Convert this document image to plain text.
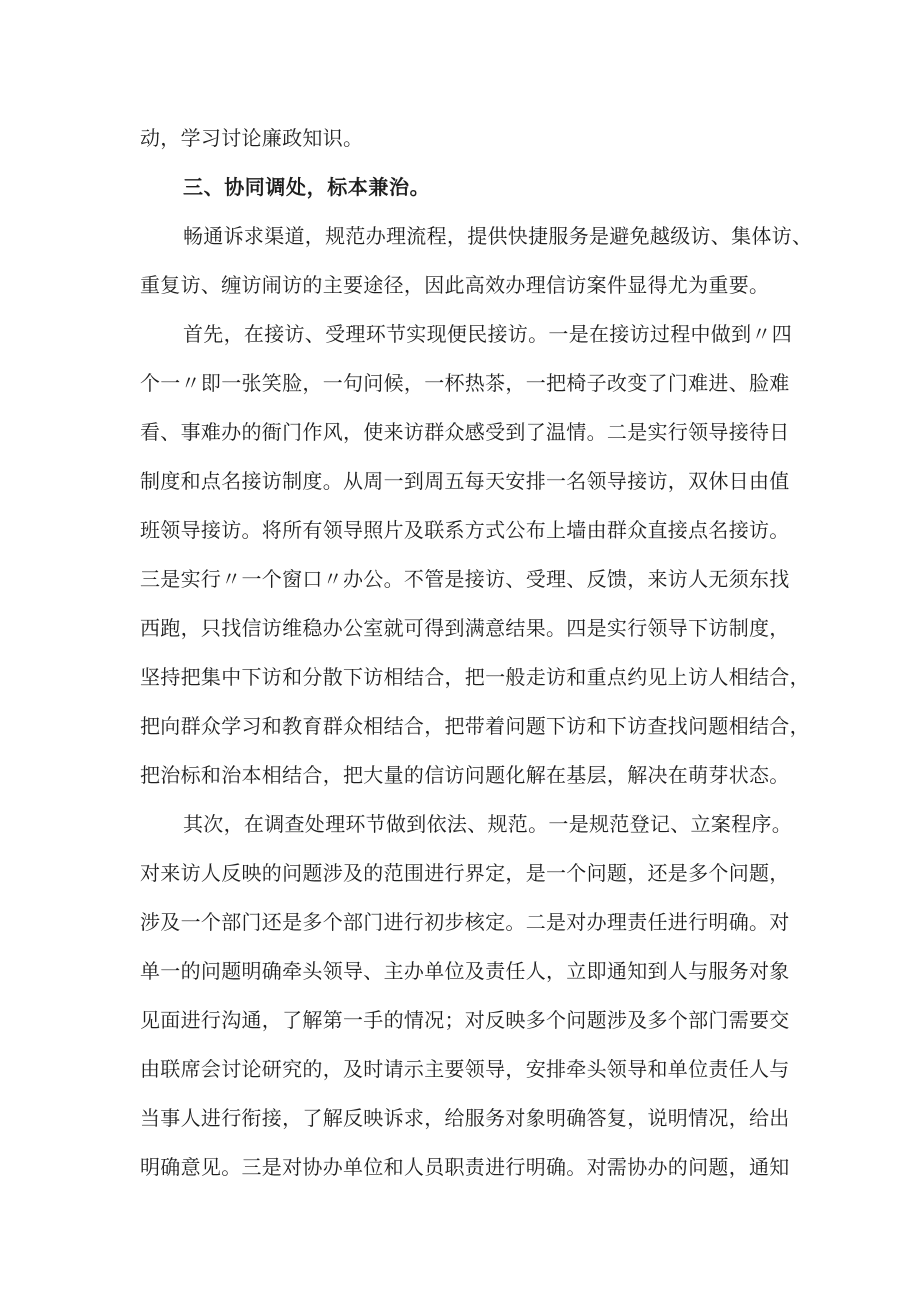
动，学习讨论廉政知识。
三、协同调处，标本兼治。
畅通诉求渠道，规范办理流程，提供快捷服务是避免越级访、集体访、
重复访、缠访闹访的主要途径，因此高效办理信访案件显得尤为重要。
首先，在接访、受理环节实现便民接访。一是在接访过程中做到〃四
个一〃即一张笑脸，一句问候，一杯热茶，一把椅子改变了门难进、脸难
看、事难办的衙门作风，使来访群众感受到了温情。二是实行领导接待日
制度和点名接访制度。从周一到周五每天安排一名领导接访，双休日由值
班领导接访。将所有领导照片及联系方式公布上墙由群众直接点名接访。
三是实行〃一个窗口〃办公。不管是接访、受理、反馈，来访人无须东找
西跑，只找信访维稳办公室就可得到满意结果。四是实行领导下访制度，
坚持把集中下访和分散下访相结合，把一般走访和重点约见上访人相结合，
把向群众学习和教育群众相结合，把带着问题下访和下访查找问题相结合，
把治标和治本相结合，把大量的信访问题化解在基层，解决在萌芽状态。
其次，在调查处理环节做到依法、规范。一是规范登记、立案程序。
对来访人反映的问题涉及的范围进行界定，是一个问题，还是多个问题，
涉及一个部门还是多个部门进行初步核定。二是对办理责任进行明确。对
单一的问题明确牵头领导、主办单位及责任人，立即通知到人与服务对象
见面进行沟通，了解第一手的情况；对反映多个问题涉及多个部门需要交
由联席会讨论研究的，及时请示主要领导，安排牵头领导和单位责任人与
当事人进行衔接，了解反映诉求，给服务对象明确答复，说明情况，给出
明确意见。三是对协办单位和人员职责进行明确。对需协办的问题，通知
